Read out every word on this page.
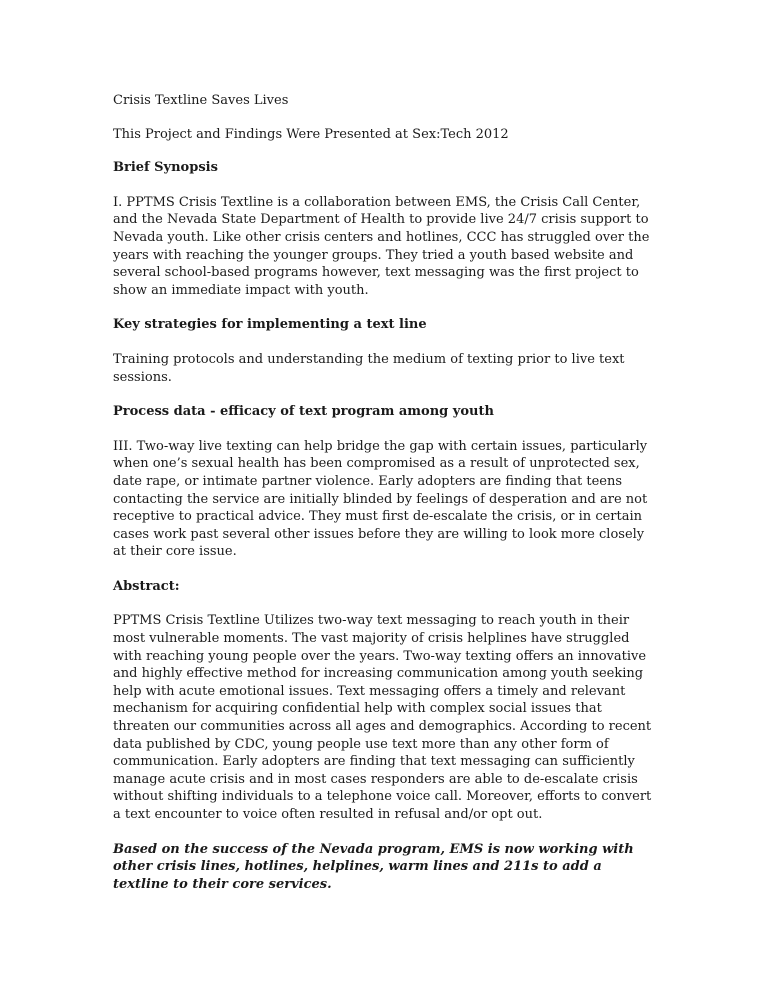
Crisis Textline Saves Lives

This Project and Findings Were Presented at Sex:Tech 2012

Brief Synopsis

I. PPTMS Crisis Textline is a collaboration between EMS, the Crisis Call Center, and the Nevada State Department of Health to provide live 24/7 crisis support to Nevada youth. Like other crisis centers and hotlines, CCC has struggled over the years with reaching the younger groups. They tried a youth based website and several school-based programs however, text messaging was the first project to show an immediate impact with youth.

Key strategies for implementing a text line

Training protocols and understanding the medium of texting prior to live text sessions.

Process data - efficacy of text program among youth

III. Two-way live texting can help bridge the gap with certain issues, particularly when one’s sexual health has been compromised as a result of unprotected sex, date rape, or intimate partner violence. Early adopters are finding that teens contacting the service are initially blinded by feelings of desperation and are not receptive to practical advice. They must first de-escalate the crisis, or in certain cases work past several other issues before they are willing to look more closely at their core issue.

Abstract:

PPTMS Crisis Textline Utilizes two-way text messaging to reach youth in their most vulnerable moments. The vast majority of crisis helplines have struggled with reaching young people over the years. Two-way texting offers an innovative and highly effective method for increasing communication among youth seeking help with acute emotional issues. Text messaging offers a timely and relevant mechanism for acquiring confidential help with complex social issues that threaten our communities across all ages and demographics. According to recent data published by CDC, young people use text more than any other form of communication. Early adopters are finding that text messaging can sufficiently manage acute crisis and in most cases responders are able to de-escalate crisis without shifting individuals to a telephone voice call. Moreover, efforts to convert a text encounter to voice often resulted in refusal and/or opt out.

Based on the success of the Nevada program, EMS is now working with other crisis lines, hotlines, helplines, warm lines and 211s to add a textline to their core services.
